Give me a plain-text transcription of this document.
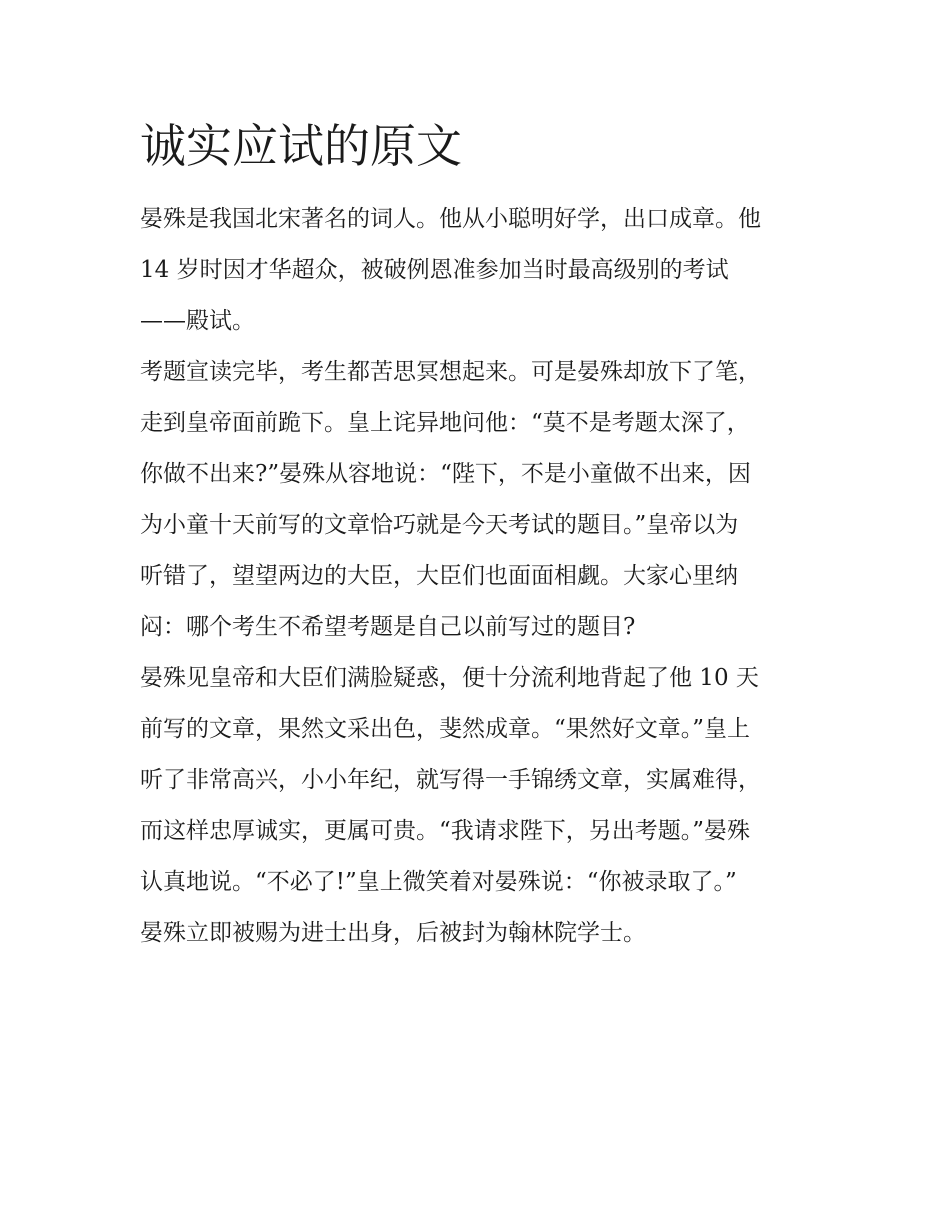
诚实应试的原文

晏殊是我国北宋著名的词人。他从小聪明好学，出口成章。他
14 岁时因才华超众，被破例恩准参加当时最高级别的考试
——殿试。

考题宣读完毕，考生都苦思冥想起来。可是晏殊却放下了笔，
走到皇帝面前跪下。皇上诧异地问他：“莫不是考题太深了，
你做不出来?”晏殊从容地说：“陛下，不是小童做不出来，因
为小童十天前写的文章恰巧就是今天考试的题目。”皇帝以为
听错了，望望两边的大臣，大臣们也面面相觑。大家心里纳
闷：哪个考生不希望考题是自己以前写过的题目?

晏殊见皇帝和大臣们满脸疑惑，便十分流利地背起了他 10 天
前写的文章，果然文采出色，斐然成章。“果然好文章。”皇上
听了非常高兴，小小年纪，就写得一手锦绣文章，实属难得，
而这样忠厚诚实，更属可贵。“我请求陛下，另出考题。”晏殊
认真地说。“不必了!”皇上微笑着对晏殊说：“你被录取了。”
晏殊立即被赐为进士出身，后被封为翰林院学士。
